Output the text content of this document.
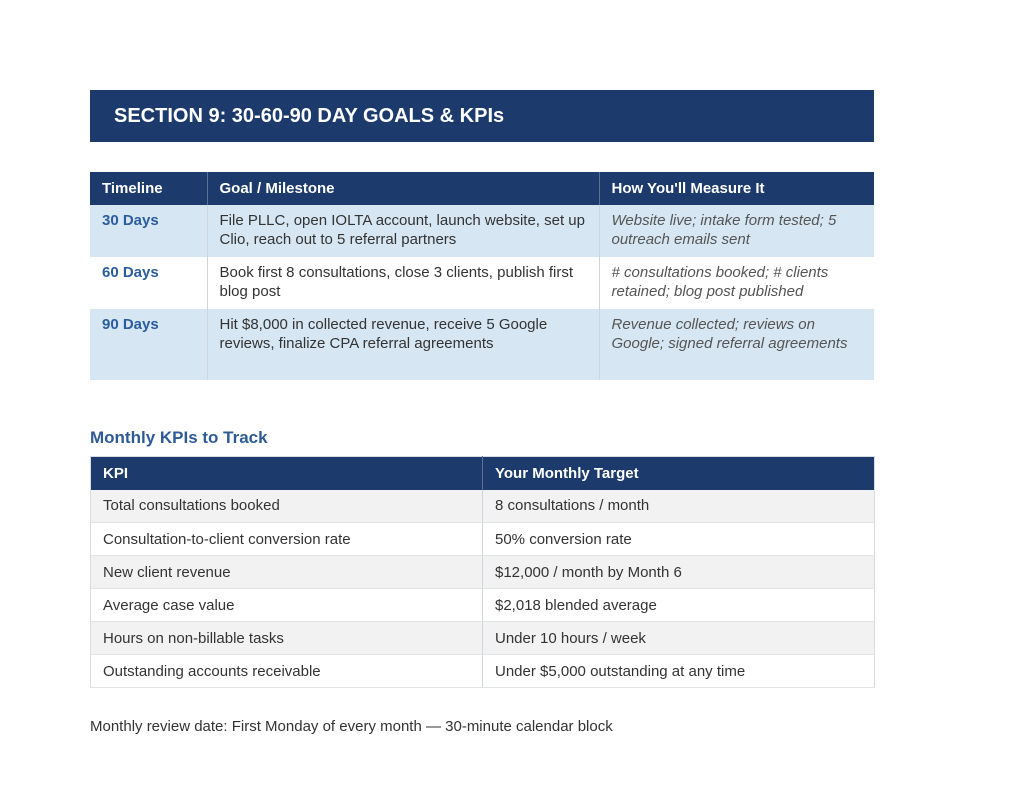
SECTION 9: 30-60-90 DAY GOALS & KPIs
Timeline	Goal / Milestone	How You'll Measure It
30 Days	File PLLC, open IOLTA account, launch website, set up Clio, reach out to 5 referral partners	Website live; intake form tested; 5 outreach emails sent
60 Days	Book first 8 consultations, close 3 clients, publish first blog post	# consultations booked; # clients retained; blog post published
90 Days	Hit $8,000 in collected revenue, receive 5 Google reviews, finalize CPA referral agreements	Revenue collected; reviews on Google; signed referral agreements
Monthly KPIs to Track
KPI	Your Monthly Target
Total consultations booked	8 consultations / month
Consultation-to-client conversion rate	50% conversion rate
New client revenue	$12,000 / month by Month 6
Average case value	$2,018 blended average
Hours on non-billable tasks	Under 10 hours / week
Outstanding accounts receivable	Under $5,000 outstanding at any time
Monthly review date: First Monday of every month — 30-minute calendar block
